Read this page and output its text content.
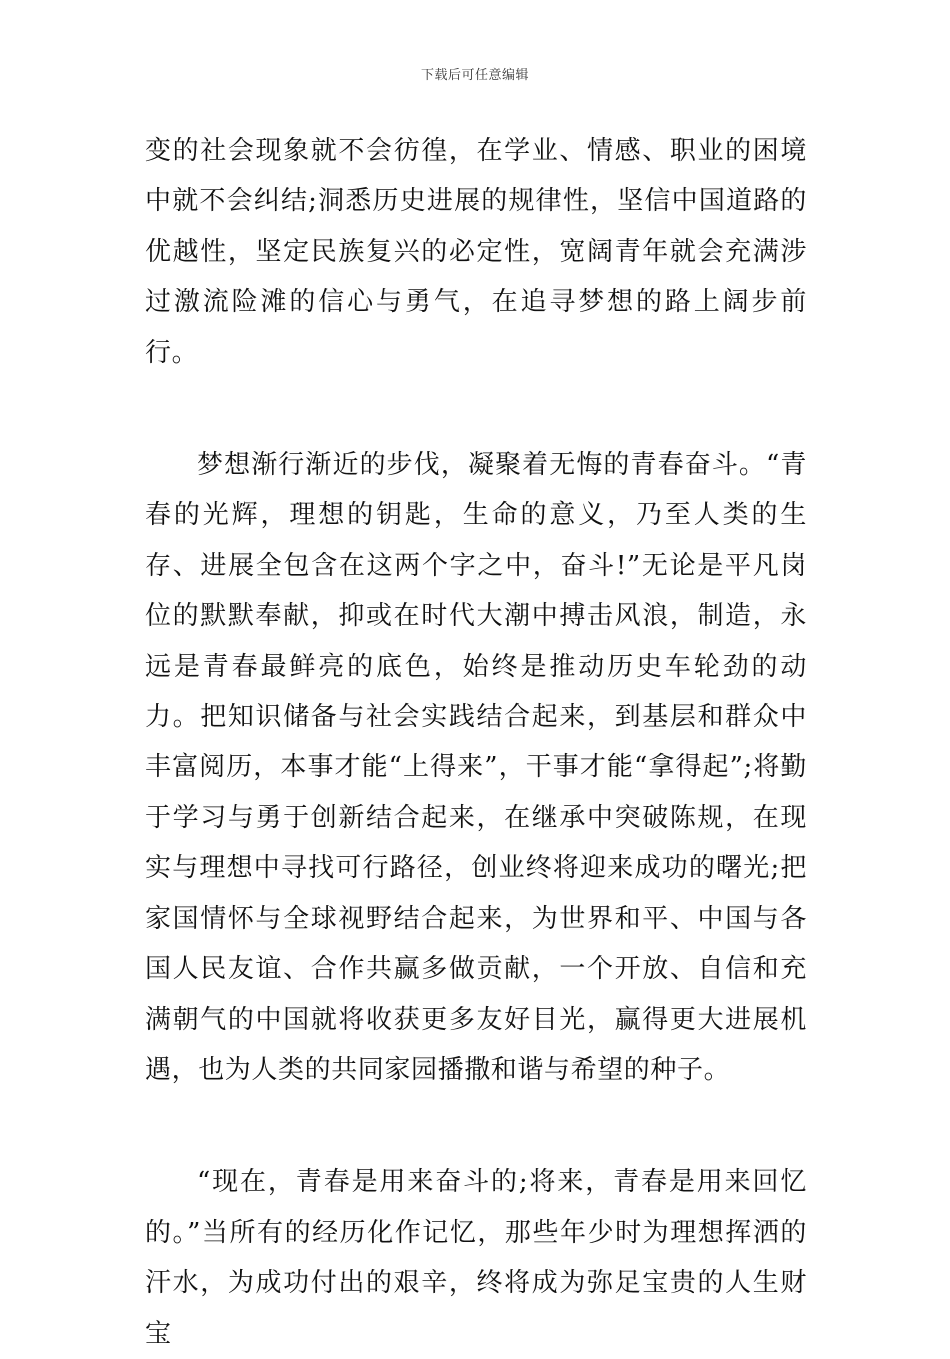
下载后可任意编辑

变的社会现象就不会彷徨，在学业、情感、职业的困境中就不会纠结;洞悉历史进展的规律性，坚信中国道路的优越性，坚定民族复兴的必定性，宽阔青年就会充满涉过激流险滩的信心与勇气，在追寻梦想的路上阔步前行。

梦想渐行渐近的步伐，凝聚着无悔的青春奋斗。“青春的光辉，理想的钥匙，生命的意义，乃至人类的生存、进展全包含在这两个字之中，奋斗!”无论是平凡岗位的默默奉献，抑或在时代大潮中搏击风浪，制造，永远是青春最鲜亮的底色，始终是推动历史车轮劲的动力。把知识储备与社会实践结合起来，到基层和群众中丰富阅历，本事才能“上得来”，干事才能“拿得起”;将勤于学习与勇于创新结合起来，在继承中突破陈规，在现实与理想中寻找可行路径，创业终将迎来成功的曙光;把家国情怀与全球视野结合起来，为世界和平、中国与各国人民友谊、合作共赢多做贡献，一个开放、自信和充满朝气的中国就将收获更多友好目光，赢得更大进展机遇，也为人类的共同家园播撒和谐与希望的种子。

“现在，青春是用来奋斗的;将来，青春是用来回忆的。”当所有的经历化作记忆，那些年少时为理想挥洒的汗水，为成功付出的艰辛，终将成为弥足宝贵的人生财宝
